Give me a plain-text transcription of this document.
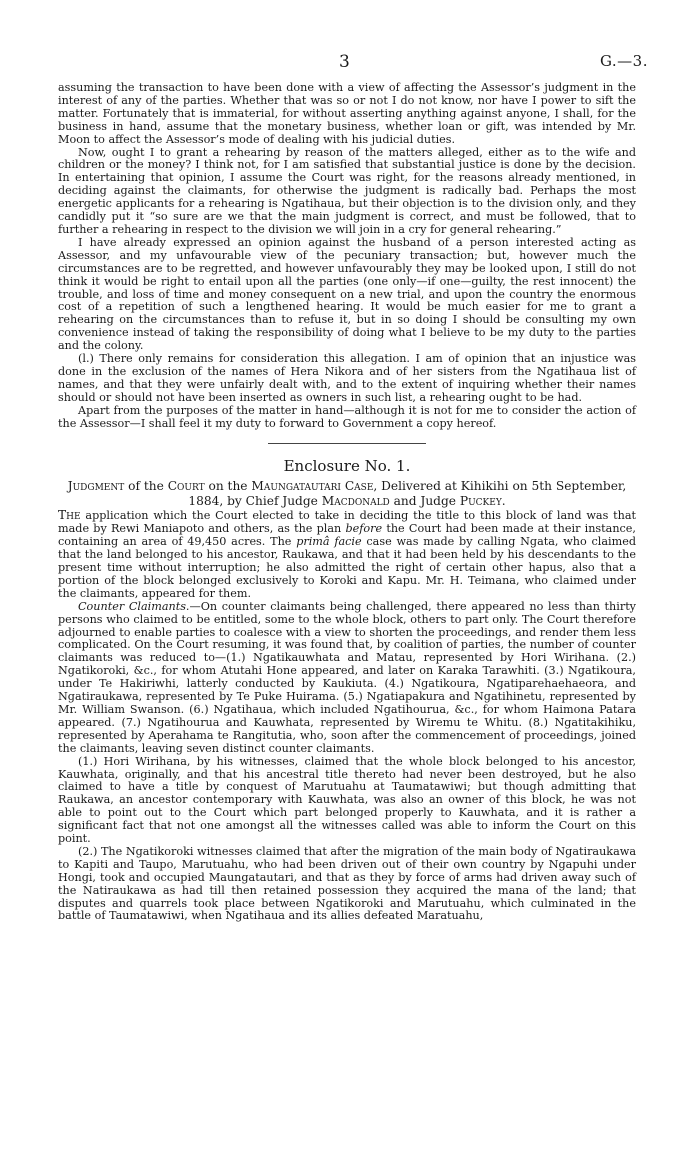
3	G.—3.

assuming the transaction to have been done with a view of affecting the Assessor’s judgment in the interest of any of the parties. Whether that was so or not I do not know, nor have I power to sift the matter. Fortunately that is immaterial, for without asserting anything against anyone, I shall, for the business in hand, assume that the monetary business, whether loan or gift, was intended by Mr. Moon to affect the Assessor’s mode of dealing with his judicial duties.

Now, ought I to grant a rehearing by reason of the matters alleged, either as to the wife and children or the money? I think not, for I am satisfied that substantial justice is done by the decision. In entertaining that opinion, I assume the Court was right, for the reasons already mentioned, in deciding against the claimants, for otherwise the judgment is radically bad. Perhaps the most energetic applicants for a rehearing is Ngatihaua, but their objection is to the division only, and they candidly put it “so sure are we that the main judgment is correct, and must be followed, that to further a rehearing in respect to the division we will join in a cry for general rehearing.”

I have already expressed an opinion against the husband of a person interested acting as Assessor, and my unfavourable view of the pecuniary transaction; but, however much the circumstances are to be regretted, and however unfavourably they may be looked upon, I still do not think it would be right to entail upon all the parties (one only—if one—guilty, the rest innocent) the trouble, and loss of time and money consequent on a new trial, and upon the country the enormous cost of a repetition of such a lengthened hearing. It would be much easier for me to grant a rehearing on the circumstances than to refuse it, but in so doing I should be consulting my own convenience instead of taking the responsibility of doing what I believe to be my duty to the parties and the colony.

(l.) There only remains for consideration this allegation. I am of opinion that an injustice was done in the exclusion of the names of Hera Nikora and of her sisters from the Ngatihaua list of names, and that they were unfairly dealt with, and to the extent of inquiring whether their names should or should not have been inserted as owners in such list, a rehearing ought to be had.

Apart from the purposes of the matter in hand—although it is not for me to consider the action of the Assessor—I shall feel it my duty to forward to Government a copy hereof.

Enclosure No. 1.

Judgment of the Court on the Maungatautari Case, Delivered at Kihikihi on 5th September, 1884, by Chief Judge Macdonald and Judge Puckey.

The application which the Court elected to take in deciding the title to this block of land was that made by Rewi Maniapoto and others, as the plan before the Court had been made at their instance, containing an area of 49,450 acres. The primâ facie case was made by calling Ngata, who claimed that the land belonged to his ancestor, Raukawa, and that it had been held by his descendants to the present time without interruption; he also admitted the right of certain other hapus, also that a portion of the block belonged exclusively to Koroki and Kapu. Mr. H. Teimana, who claimed under the claimants, appeared for them.

Counter Claimants.—On counter claimants being challenged, there appeared no less than thirty persons who claimed to be entitled, some to the whole block, others to part only. The Court therefore adjourned to enable parties to coalesce with a view to shorten the proceedings, and render them less complicated. On the Court resuming, it was found that, by coalition of parties, the number of counter claimants was reduced to—(1.) Ngatikauwhata and Matau, represented by Hori Wirihana. (2.) Ngatikoroki, &c., for whom Atutahi Hone appeared, and later on Karaka Tarawhiti. (3.) Ngatikoura, under Te Hakiriwhi, latterly conducted by Kaukiuta. (4.) Ngatikoura, Ngatiparehaehaeora, and Ngatiraukawa, represented by Te Puke Huirama. (5.) Ngatiapakura and Ngatihinetu, represented by Mr. William Swanson. (6.) Ngatihaua, which included Ngatihourua, &c., for whom Haimona Patara appeared. (7.) Ngatihourua and Kauwhata, represented by Wiremu te Whitu. (8.) Ngatitakihiku, represented by Aperahama te Rangitutia, who, soon after the commencement of proceedings, joined the claimants, leaving seven distinct counter claimants.

(1.) Hori Wirihana, by his witnesses, claimed that the whole block belonged to his ancestor, Kauwhata, originally, and that his ancestral title thereto had never been destroyed, but he also claimed to have a title by conquest of Marutuahu at Taumatawiwi; but though admitting that Raukawa, an ancestor contemporary with Kauwhata, was also an owner of this block, he was not able to point out to the Court which part belonged properly to Kauwhata, and it is rather a significant fact that not one amongst all the witnesses called was able to inform the Court on this point.

(2.) The Ngatikoroki witnesses claimed that after the migration of the main body of Ngatiraukawa to Kapiti and Taupo, Marutuahu, who had been driven out of their own country by Ngapuhi under Hongi, took and occupied Maungatautari, and that as they by force of arms had driven away such of the Natiraukawa as had till then retained possession they acquired the mana of the land; that disputes and quarrels took place between Ngatikoroki and Marutuahu, which culminated in the battle of Taumatawiwi, when Ngatihaua and its allies defeated Maratuahu,
